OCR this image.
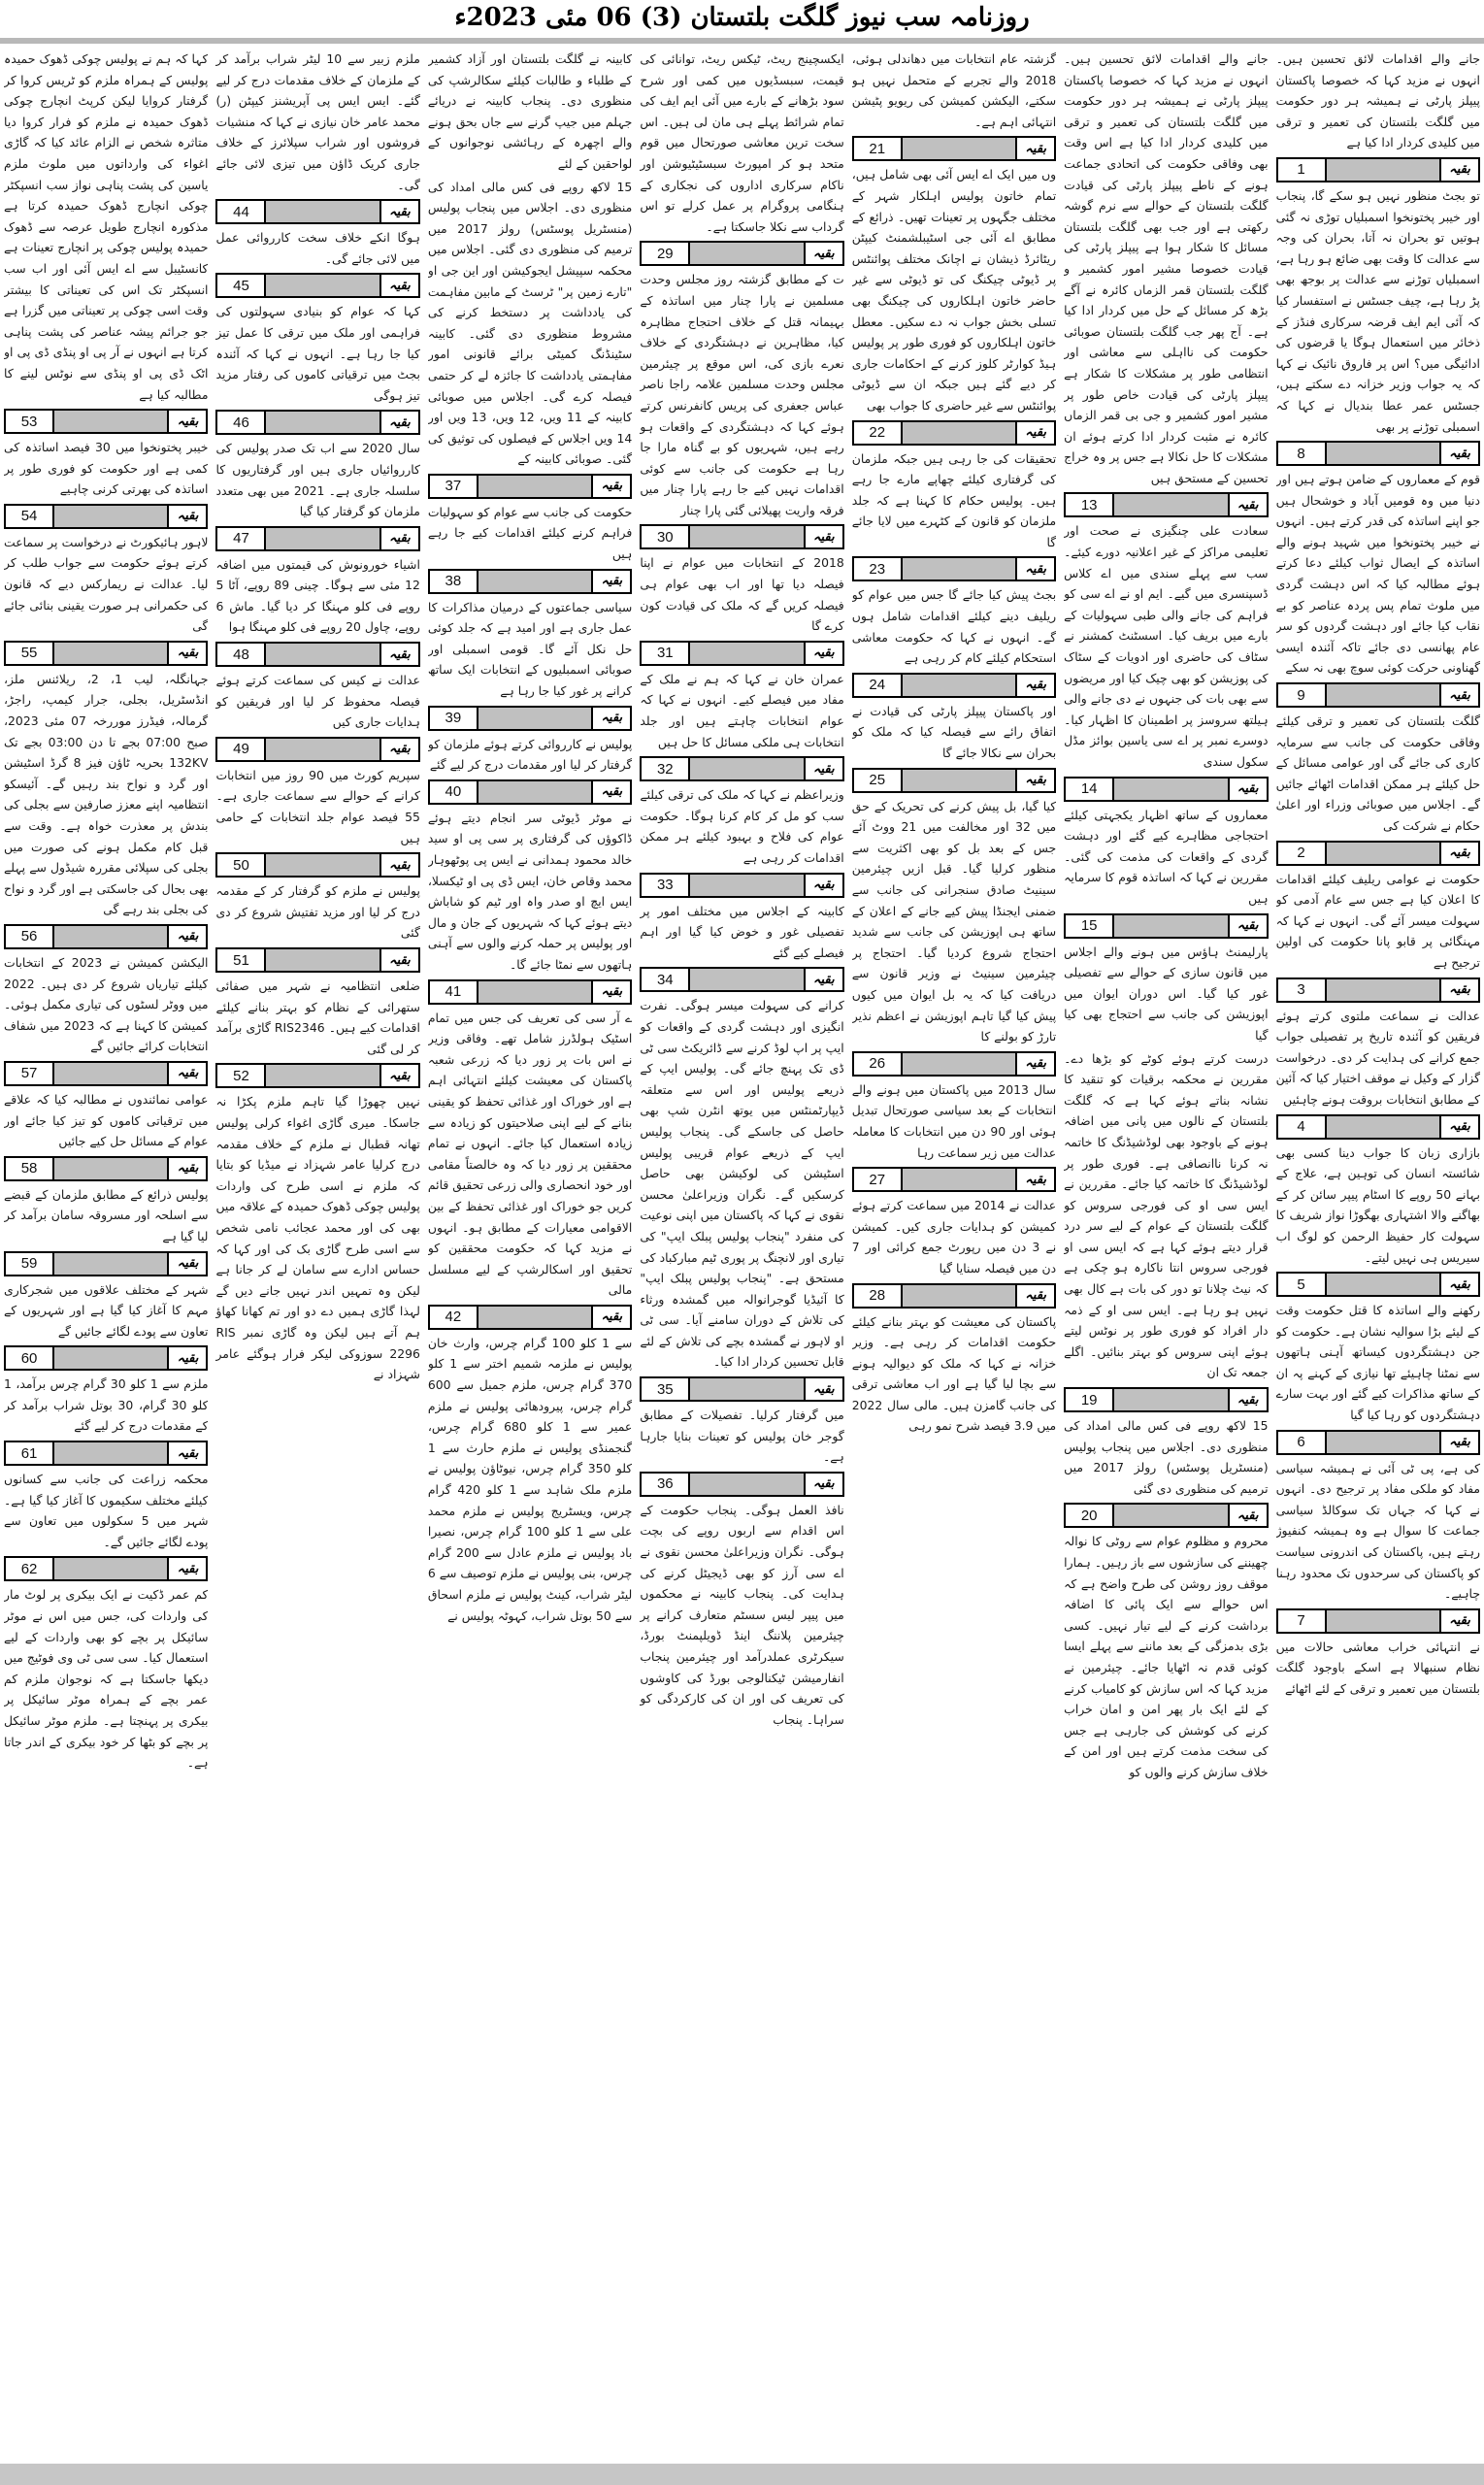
روزنامہ سب نیوز گلگت بلتستان (3) 06 مئی 2023ء

جانے والے اقدامات لائق تحسین ہیں۔ انہوں نے مزید کہا کہ خصوصا پاکستان پیپلز پارٹی نے ہمیشہ ہر دور حکومت میں گلگت بلتستان کی تعمیر و ترقی میں کلیدی کردار ادا کیا ہے

1	بقیہ

تو بجٹ منظور نہیں ہو سکے گا، پنجاب اور خیبر پختونخوا اسمبلیاں توڑی نہ گئی ہوتیں تو بحران نہ آتا، بحران کی وجہ سے عدالت کا وقت بھی ضائع ہو رہا ہے، اسمبلیاں توڑنے سے عدالت پر بوجھ بھی پڑ رہا ہے، چیف جسٹس نے استفسار کیا کہ آئی ایم ایف قرضہ سرکاری فنڈز کے ذخائر میں استعمال ہوگا یا قرضوں کی ادائیگی میں؟ اس پر فاروق نائیک نے کہا کہ یہ جواب وزیر خزانہ دے سکتے ہیں، جسٹس عمر عطا بندیال نے کہا کہ اسمبلی توڑنے پر بھی

8	بقیہ

قوم کے معماروں کے ضامن ہوتے ہیں اور دنیا میں وہ قومیں آباد و خوشحال ہیں جو اپنے اساتذہ کی قدر کرتے ہیں۔ انہوں نے خیبر پختونخوا میں شہید ہونے والے اساتذہ کے ایصال ثواب کیلئے دعا کرتے ہوئے مطالبہ کیا کہ اس دہشت گردی میں ملوث تمام پس پردہ عناصر کو بے نقاب کیا جائے اور دہشت گردوں کو سر عام پھانسی دی جائے تاکہ آئندہ ایسی گھناونی حرکت کوئی سوچ بھی نہ سکے

9	بقیہ

گلگت بلتستان کی تعمیر و ترقی کیلئے وفاقی حکومت کی جانب سے سرمایہ کاری کی جائے گی اور عوامی مسائل کے حل کیلئے ہر ممکن اقدامات اٹھائے جائیں گے۔ اجلاس میں صوبائی وزراء اور اعلیٰ حکام نے شرکت کی

2	بقیہ

حکومت نے عوامی ریلیف کیلئے اقدامات کا اعلان کیا ہے جس سے عام آدمی کو سہولت میسر آئے گی۔ انہوں نے کہا کہ مہنگائی پر قابو پانا حکومت کی اولین ترجیح ہے

3	بقیہ

عدالت نے سماعت ملتوی کرتے ہوئے فریقین کو آئندہ تاریخ پر تفصیلی جواب جمع کرانے کی ہدایت کر دی۔ درخواست گزار کے وکیل نے موقف اختیار کیا کہ آئین کے مطابق انتخابات بروقت ہونے چاہئیں

4	بقیہ

بازاری زبان کا جواب دینا کسی بھی شائستہ انسان کی توہین ہے، علاج کے بہانے 50 روپے کا اسٹام پیپر سائن کر کے بھاگنے والا اشتہاری بھگوڑا نواز شریف کا سہولت کار حفیظ الرحمن کو لوگ اب سیریس ہی نہیں لیتے۔

5	بقیہ

رکھنے والے اساتذہ کا قتل حکومت وقت کے لیئے بڑا سوالیہ نشان ہے۔ حکومت کو جن دہشتگردوں کیساتھ آہنی ہاتھوں سے نمٹنا چاہیئے تھا نیازی کے کہنے پہ ان کے ساتھ مذاکرات کیے گئے اور بہت سارے دہشتگردوں کو رہا کیا گیا

6	بقیہ

کی ہے، پی ٹی آئی نے ہمیشہ سیاسی مفاد کو ملکی مفاد پر ترجیح دی۔ انہوں نے کہا کہ جہاں تک سوکالڈ سیاسی جماعت کا سوال ہے وہ ہمیشہ کنفیوژ رہتے ہیں، پاکستان کی اندرونی سیاست کو پاکستان کی سرحدوں تک محدود رہنا چاہیے۔

7	بقیہ

نے انتہائی خراب معاشی حالات میں نظام سنبھالا ہے اسکے باوجود گلگت بلتستان میں تعمیر و ترقی کے لئے اٹھائے

جانے والے اقدامات لائق تحسین ہیں۔ انہوں نے مزید کہا کہ خصوصا پاکستان پیپلز پارٹی نے ہمیشہ ہر دور حکومت میں گلگت بلتستان کی تعمیر و ترقی میں کلیدی کردار ادا کیا ہے اس وقت بھی وفاقی حکومت کی اتحادی جماعت ہونے کے ناطے پیپلز پارٹی کی قیادت گلگت بلتستان کے حوالے سے نرم گوشہ رکھتی ہے اور جب بھی گلگت بلتستان مسائل کا شکار ہوا ہے پیپلز پارٹی کی قیادت خصوصا مشیر امور کشمیر و گلگت بلتستان قمر الزماں کائرہ نے آگے بڑھ کر مسائل کے حل میں کردار ادا کیا ہے۔ آج پھر جب گلگت بلتستان صوبائی حکومت کی نااہلی سے معاشی اور انتظامی طور پر مشکلات کا شکار ہے پیپلز پارٹی کی قیادت خاص طور پر مشیر امور کشمیر و جی بی قمر الزماں کائرہ نے مثبت کردار ادا کرتے ہوئے ان مشکلات کا حل نکالا ہے جس پر وہ خراج تحسین کے مستحق ہیں

13	بقیہ

سعادت علی چنگیزی نے صحت اور تعلیمی مراکز کے غیر اعلانیہ دورے کیئے۔ سب سے پہلے سندی میں اے کلاس ڈسپنسری میں گیے۔ ایم او نے اے سی کو فراہم کی جانے والی طبی سہولیات کے بارے میں بریف کیا۔ اسسٹنٹ کمشنر نے سٹاف کی حاضری اور ادویات کے سٹاک کی پوزیشن کو بھی چیک کیا اور مریضوں سے بھی بات کی جنہوں نے دی جانے والی ہیلتھ سروسز پر اطمینان کا اظہار کیا۔ دوسرے نمبر پر اے سی یاسین بوائز مڈل سکول سندی

14	بقیہ

معماروں کے ساتھ اظہار یکجہتی کیلئے احتجاجی مظاہرے کیے گئے اور دہشت گردی کے واقعات کی مذمت کی گئی۔ مقررین نے کہا کہ اساتذہ قوم کا سرمایہ ہیں

15	بقیہ

پارلیمنٹ ہاؤس میں ہونے والے اجلاس میں قانون سازی کے حوالے سے تفصیلی غور کیا گیا۔ اس دوران ایوان میں اپوزیشن کی جانب سے احتجاج بھی کیا گیا

درست کرتے ہوئے کوٹے کو بڑھا دے۔ مقررین نے محکمہ برقیات کو تنقید کا نشانہ بناتے ہوئے کہا ہے کہ گلگت بلتستان کے نالوں میں پانی میں اضافہ ہونے کے باوجود بھی لوڈشیڈنگ کا خاتمہ نہ کرنا ناانصافی ہے۔ فوری طور پر لوڈشیڈنگ کا خاتمہ کیا جائے۔ مقررین نے ایس سی او کی فورجی سروس کو گلگت بلتستان کے عوام کے لیے سر درد قرار دیتے ہوئے کہا ہے کہ ایس سی او فورجی سروس انتا ناکارہ ہو چکی ہے کہ نیٹ چلانا تو دور کی بات ہے کال بھی نہیں ہو رہا ہے۔ ایس سی او کے ذمہ دار افراد کو فوری طور پر نوٹس لیتے ہوئے اپنی سروس کو بہتر بنائیں۔ اگلے جمعہ تک ان

19	بقیہ

15 لاکھ روپے فی کس مالی امداد کی منظوری دی۔ اجلاس میں پنجاب پولیس (منسٹریل پوسٹس) رولز 2017 میں ترمیم کی منظوری دی گئی

20	بقیہ

محروم و مظلوم عوام سے روٹی کا نوالہ چھیننے کی سازشوں سے باز رہیں۔ ہمارا موقف روز روشن کی طرح واضح ہے کہ اس حوالے سے ایک پائی کا اضافہ برداشت کرنے کے لیے تیار نہیں۔ کسی بڑی بدمزگی کے بعد ماننے سے پہلے ایسا کوئی قدم نہ اٹھایا جائے۔ چیئرمین نے مزید کہا کہ اس سازش کو کامیاب کرنے کے لئے ایک بار پھر امن و امان خراب کرنے کی کوشش کی جارہی ہے جس کی سخت مذمت کرتے ہیں اور امن کے خلاف سازش کرنے والوں کو

گزشتہ عام انتخابات میں دھاندلی ہوئی، 2018 والے تجربے کے متحمل نہیں ہو سکتے، الیکشن کمیشن کی ریویو پٹیشن انتہائی اہم ہے۔

21	بقیہ

وں میں ایک اے ایس آئی بھی شامل ہیں، تمام خاتون پولیس اہلکار شہر کے مختلف جگہوں پر تعینات تھیں۔ ذرائع کے مطابق اے آئی جی اسٹیبلشمنٹ کیپٹن ریٹائرڈ ذیشان نے اچانک مختلف پوائنٹس پر ڈیوٹی چیکنگ کی تو ڈیوٹی سے غیر حاضر خاتون اہلکاروں کی چیکنگ بھی تسلی بخش جواب نہ دے سکیں۔ معطل خاتون اہلکاروں کو فوری طور پر پولیس ہیڈ کوارٹر کلوز کرنے کے احکامات جاری کر دیے گئے ہیں جبکہ ان سے ڈیوٹی پوائنٹس سے غیر حاضری کا جواب بھی

22	بقیہ

تحقیقات کی جا رہی ہیں جبکہ ملزمان کی گرفتاری کیلئے چھاپے مارے جا رہے ہیں۔ پولیس حکام کا کہنا ہے کہ جلد ملزمان کو قانون کے کٹہرے میں لایا جائے گا

23	بقیہ

بجٹ پیش کیا جائے گا جس میں عوام کو ریلیف دینے کیلئے اقدامات شامل ہوں گے۔ انہوں نے کہا کہ حکومت معاشی استحکام کیلئے کام کر رہی ہے

24	بقیہ

اور پاکستان پیپلز پارٹی کی قیادت نے اتفاق رائے سے فیصلہ کیا کہ ملک کو بحران سے نکالا جائے گا

25	بقیہ

کیا گیا، بل پیش کرنے کی تحریک کے حق میں 32 اور مخالفت میں 21 ووٹ آئے جس کے بعد بل کو بھی اکثریت سے منظور کرلیا گیا۔ قبل ازیں چیئرمین سینیٹ صادق سنجرانی کی جانب سے ضمنی ایجنڈا پیش کیے جانے کے اعلان کے ساتھ ہی اپوزیشن کی جانب سے شدید احتجاج شروع کردیا گیا۔ احتجاج پر چیئرمین سینیٹ نے وزیر قانون سے دریافت کیا کہ یہ بل ایوان میں کیوں پیش کیا گیا تاہم اپوزیشن نے اعظم نذیر تارڑ کو بولنے کا

26	بقیہ

سال 2013 میں پاکستان میں ہونے والے انتخابات کے بعد سیاسی صورتحال تبدیل ہوئی اور 90 دن میں انتخابات کا معاملہ عدالت میں زیر سماعت رہا

27	بقیہ

عدالت نے 2014 میں سماعت کرتے ہوئے کمیشن کو ہدایات جاری کیں۔ کمیشن نے 3 دن میں رپورٹ جمع کرائی اور 7 دن میں فیصلہ سنایا گیا

28	بقیہ

پاکستان کی معیشت کو بہتر بنانے کیلئے حکومت اقدامات کر رہی ہے۔ وزیر خزانہ نے کہا کہ ملک کو دیوالیہ ہونے سے بچا لیا گیا ہے اور اب معاشی ترقی کی جانب گامزن ہیں۔ مالی سال 2022 میں 3.9 فیصد شرح نمو رہی

ایکسچینج ریٹ، ٹیکس ریٹ، توانائی کی قیمت، سبسڈیوں میں کمی اور شرح سود بڑھانے کے بارے میں آئی ایم ایف کی تمام شرائط پہلے ہی مان لی ہیں۔ اس سخت ترین معاشی صورتحال میں قوم متحد ہو کر امپورٹ سبسٹیٹیوشن اور ناکام سرکاری اداروں کی نجکاری کے ہنگامی پروگرام پر عمل کرلے تو اس گرداب سے نکلا جاسکتا ہے۔

29	بقیہ

ت کے مطابق گزشتہ روز مجلس وحدت مسلمین نے پارا چنار میں اساتذہ کے بہیمانہ قتل کے خلاف احتجاج مظاہرہ کیا، مظاہرین نے دہشتگردی کے خلاف نعرے بازی کی، اس موقع پر چیئرمین مجلس وحدت مسلمین علامہ راجا ناصر عباس جعفری کی پریس کانفرنس کرتے ہوئے کہا کہ دہشتگردی کے واقعات ہو رہے ہیں، شہریوں کو بے گناہ مارا جا رہا ہے حکومت کی جانب سے کوئی اقدامات نہیں کیے جا رہے پارا چنار میں فرقہ واریت پھیلائی گئی پارا چنار

30	بقیہ

2018 کے انتخابات میں عوام نے اپنا فیصلہ دیا تھا اور اب بھی عوام ہی فیصلہ کریں گے کہ ملک کی قیادت کون کرے گا

31	بقیہ

عمران خان نے کہا کہ ہم نے ملک کے مفاد میں فیصلے کیے۔ انہوں نے کہا کہ عوام انتخابات چاہتے ہیں اور جلد انتخابات ہی ملکی مسائل کا حل ہیں

32	بقیہ

وزیراعظم نے کہا کہ ملک کی ترقی کیلئے سب کو مل کر کام کرنا ہوگا۔ حکومت عوام کی فلاح و بہبود کیلئے ہر ممکن اقدامات کر رہی ہے

33	بقیہ

کابینہ کے اجلاس میں مختلف امور پر تفصیلی غور و خوض کیا گیا اور اہم فیصلے کیے گئے

34	بقیہ

کرانے کی سہولت میسر ہوگی۔ نفرت انگیزی اور دہشت گردی کے واقعات کو ایپ پر اپ لوڈ کرنے سے ڈائریکٹ سی ٹی ڈی تک پہنچ جائے گی۔ پولیس ایپ کے ذریعے پولیس اور اس سے متعلقہ ڈیپارٹمنٹس میں یوتھ انٹرن شپ بھی حاصل کی جاسکے گی۔ پنجاب پولیس ایپ کے ذریعے عوام قریبی پولیس اسٹیشن کی لوکیشن بھی حاصل کرسکیں گے۔ نگران وزیراعلیٰ محسن نقوی نے کہا کہ پاکستان میں اپنی نوعیت کی منفرد "پنجاب پولیس پبلک ایپ" کی تیاری اور لانچنگ پر پوری ٹیم مبارکباد کی مستحق ہے۔ "پنجاب پولیس پبلک ایپ" کا آئیڈیا گوجرانوالہ میں گمشدہ ورثاء کی تلاش کے دوران سامنے آیا۔ سی ٹی او لاہور نے گمشدہ بچے کی تلاش کے لئے قابل تحسین کردار ادا کیا۔

35	بقیہ

میں گرفتار کرلیا۔ تفصیلات کے مطابق گوجر خان پولیس کو تعینات بنایا جارہا ہے۔

36	بقیہ

نافذ العمل ہوگی۔ پنجاب حکومت کے اس اقدام سے اربوں روپے کی بچت ہوگی۔ نگران وزیراعلیٰ محسن نقوی نے اے سی آرز کو بھی ڈیجیٹل کرنے کی ہدایت کی۔ پنجاب کابینہ نے محکموں میں پیپر لیس سسٹم متعارف کرانے پر چیئرمین پلاننگ اینڈ ڈویلپمنٹ بورڈ، سیکرٹری عملدرآمد اور چیئرمین پنجاب انفارمیشن ٹیکنالوجی بورڈ کی کاوشوں کی تعریف کی اور ان کی کارکردگی کو سراہا۔ پنجاب

کابینہ نے گلگت بلتستان اور آزاد کشمیر کے طلباء و طالبات کیلئے سکالرشپ کی منظوری دی۔ پنجاب کابینہ نے دریائے جہلم میں جیپ گرنے سے جاں بحق ہونے والے اچھرہ کے رہائشی نوجوانوں کے لواحقین کے لئے

15 لاکھ روپے فی کس مالی امداد کی منظوری دی۔ اجلاس میں پنجاب پولیس (منسٹریل پوسٹس) رولز 2017 میں ترمیم کی منظوری دی گئی۔ اجلاس میں محکمہ سپیشل ایجوکیشن اور این جی او "تارے زمین پر" ٹرسٹ کے مابین مفاہمت کی یادداشت پر دستخط کرنے کی مشروط منظوری دی گئی۔ کابینہ سٹینڈنگ کمیٹی برائے قانونی امور مفاہمتی یادداشت کا جائزہ لے کر حتمی فیصلہ کرے گی۔ اجلاس میں صوبائی کابینہ کے 11 ویں، 12 ویں، 13 ویں اور 14 ویں اجلاس کے فیصلوں کی توثیق کی گئی۔ صوبائی کابینہ کے

37	بقیہ

حکومت کی جانب سے عوام کو سہولیات فراہم کرنے کیلئے اقدامات کیے جا رہے ہیں

38	بقیہ

سیاسی جماعتوں کے درمیان مذاکرات کا عمل جاری ہے اور امید ہے کہ جلد کوئی حل نکل آئے گا۔ قومی اسمبلی اور صوبائی اسمبلیوں کے انتخابات ایک ساتھ کرانے پر غور کیا جا رہا ہے

39	بقیہ

پولیس نے کارروائی کرتے ہوئے ملزمان کو گرفتار کر لیا اور مقدمات درج کر لیے گئے

40	بقیہ

نے موٹر ڈیوٹی سر انجام دیتے ہوئے ڈاکوؤں کی گرفتاری پر سی پی او سید خالد محمود ہمدانی نے ایس پی پوٹھوہار محمد وقاص خان، ایس ڈی پی او ٹیکسلا، ایس ایچ او صدر واہ اور ٹیم کو شاباش دیتے ہوئے کہا کہ شہریوں کے جان و مال اور پولیس پر حملہ کرنے والوں سے آہنی ہاتھوں سے نمٹا جائے گا۔

41	بقیہ

ے آر سی کی تعریف کی جس میں تمام اسٹیک ہولڈرز شامل تھے۔ وفاقی وزیر نے اس بات پر زور دیا کہ زرعی شعبہ پاکستان کی معیشت کیلئے انتہائی اہم ہے اور خوراک اور غذائی تحفظ کو یقینی بنانے کے لیے اپنی صلاحیتوں کو زیادہ سے زیادہ استعمال کیا جائے۔ انہوں نے تمام محققین پر زور دیا کہ وہ خالصتاً مقامی اور خود انحصاری والی زرعی تحقیق قائم کریں جو خوراک اور غذائی تحفظ کے بین الاقوامی معیارات کے مطابق ہو۔ انہوں نے مزید کہا کہ حکومت محققین کو تحقیق اور اسکالرشپ کے لیے مسلسل مالی

42	بقیہ

سے 1 کلو 100 گرام چرس، وارث خان پولیس نے ملزمہ شمیم اختر سے 1 کلو 370 گرام چرس، ملزم جمیل سے 600 گرام چرس، پیرودھائی پولیس نے ملزم عمیر سے 1 کلو 680 گرام چرس، گنجمنڈی پولیس نے ملزم حارث سے 1 کلو 350 گرام چرس، نیوٹاؤن پولیس نے ملزم ملک شاہد سے 1 کلو 420 گرام چرس، ویسٹریج پولیس نے ملزم محمد علی سے 1 کلو 100 گرام چرس، نصیرا باد پولیس نے ملزم عادل سے 200 گرام چرس، بنی پولیس نے ملزم توصیف سے 6 لیٹر شراب، کینٹ پولیس نے ملزم اسحاق سے 50 بوتل شراب، کہوٹہ پولیس نے

ملزم زبیر سے 10 لیٹر شراب برآمد کر کے ملزمان کے خلاف مقدمات درج کر لیے گئے۔ ایس ایس پی آپریشنز کیپٹن (ر) محمد عامر خان نیازی نے کہا کہ منشیات فروشوں اور شراب سپلائرز کے خلاف جاری کریک ڈاؤن میں تیزی لائی جائے گی۔

44	بقیہ

ہوگا انکے خلاف سخت کارروائی عمل میں لائی جائے گی۔

45	بقیہ

کہا کہ عوام کو بنیادی سہولتوں کی فراہمی اور ملک میں ترقی کا عمل تیز کیا جا رہا ہے۔ انہوں نے کہا کہ آئندہ بجٹ میں ترقیاتی کاموں کی رفتار مزید تیز ہوگی

46	بقیہ

سال 2020 سے اب تک صدر پولیس کی کارروائیاں جاری ہیں اور گرفتاریوں کا سلسلہ جاری ہے۔ 2021 میں بھی متعدد ملزمان کو گرفتار کیا گیا

47	بقیہ

اشیاء خورونوش کی قیمتوں میں اضافہ 12 مئی سے ہوگا۔ چینی 89 روپے، آٹا 5 روپے فی کلو مہنگا کر دیا گیا۔ ماش 6 روپے، چاول 20 روپے فی کلو مہنگا ہوا

48	بقیہ

عدالت نے کیس کی سماعت کرتے ہوئے فیصلہ محفوظ کر لیا اور فریقین کو ہدایات جاری کیں

49	بقیہ

سپریم کورٹ میں 90 روز میں انتخابات کرانے کے حوالے سے سماعت جاری ہے۔ 55 فیصد عوام جلد انتخابات کے حامی ہیں

50	بقیہ

پولیس نے ملزم کو گرفتار کر کے مقدمہ درج کر لیا اور مزید تفتیش شروع کر دی گئی

51	بقیہ

ضلعی انتظامیہ نے شہر میں صفائی ستھرائی کے نظام کو بہتر بنانے کیلئے اقدامات کیے ہیں۔ RIS2346 گاڑی برآمد کر لی گئی

52	بقیہ

نہیں چھوڑا گیا تاہم ملزم پکڑا نہ جاسکا۔ میری گاڑی اغواء کرلی پولیس تھانہ قطبال نے ملزم کے خلاف مقدمہ درج کرلیا عامر شہزاد نے میڈیا کو بتایا کہ ملزم نے اسی طرح کی واردات پولیس چوکی ڈھوک حمیدہ کے علاقہ میں بھی کی اور محمد عجائب نامی شخص سے اسی طرح گاڑی بک کی اور کہا کہ حساس ادارے سے سامان لے کر جانا ہے لیکن وہ تمہیں اندر نہیں جانے دیں گے لہذا گاڑی ہمیں دے دو اور تم کھانا کھاؤ ہم آتے ہیں لیکن وہ گاڑی نمبر RIS 2296 سوزوکی لیکر فرار ہوگئے عامر شہزاد نے

کہا کہ ہم نے پولیس چوکی ڈھوک حمیدہ پولیس کے ہمراہ ملزم کو ٹریس کروا کر گرفتار کروایا لیکن کرپٹ انچارج چوکی ڈھوک حمیدہ نے ملزم کو فرار کروا دیا متاثرہ شخص نے الزام عائد کیا کہ گاڑی اغواء کی وارداتوں میں ملوث ملزم یاسین کی پشت پناہی نواز سب انسپکٹر چوکی انچارج ڈھوک حمیدہ کرتا ہے مذکورہ انچارج طویل عرصہ سے ڈھوک حمیدہ پولیس چوکی پر انچارج تعینات ہے کانسٹیبل سے اے ایس آئی اور اب سب انسپکٹر تک اس کی تعیناتی کا بیشتر وقت اسی چوکی پر تعیناتی میں گزرا ہے جو جرائم پیشہ عناصر کی پشت پناہی کرتا ہے انہوں نے آر پی او پنڈی ڈی پی او اٹک ڈی پی او پنڈی سے نوٹس لینے کا مطالبہ کیا ہے

53	بقیہ

خیبر پختونخوا میں 30 فیصد اساتذہ کی کمی ہے اور حکومت کو فوری طور پر اساتذہ کی بھرتی کرنی چاہیے

54	بقیہ

لاہور ہائیکورٹ نے درخواست پر سماعت کرتے ہوئے حکومت سے جواب طلب کر لیا۔ عدالت نے ریمارکس دیے کہ قانون کی حکمرانی ہر صورت یقینی بنائی جائے گی

55	بقیہ

جہانگلہ، لیب 1، 2، ریلائنس ملز، انڈسٹریل، بجلی، جرار کیمپ، راجڑ، گرمالہ، فیڈرز موررخہ 07 مئی 2023، صبح 07:00 بجے تا دن 03:00 بجے تک 132KV بحریہ ٹاؤن فیز 8 گرڈ اسٹیشن اور گرد و نواح بند رہیں گے۔ آئیسکو انتظامیہ اپنے معزز صارفین سے بجلی کی بندش پر معذرت خواہ ہے۔ وقت سے قبل کام مکمل ہونے کی صورت میں بجلی کی سپلائی مقررہ شیڈول سے پہلے بھی بحال کی جاسکتی ہے اور گرد و نواح کی بجلی بند رہے گی

56	بقیہ

الیکشن کمیشن نے 2023 کے انتخابات کیلئے تیاریاں شروع کر دی ہیں۔ 2022 میں ووٹر لسٹوں کی تیاری مکمل ہوئی۔ کمیشن کا کہنا ہے کہ 2023 میں شفاف انتخابات کرائے جائیں گے

57	بقیہ

عوامی نمائندوں نے مطالبہ کیا کہ علاقے میں ترقیاتی کاموں کو تیز کیا جائے اور عوام کے مسائل حل کیے جائیں

58	بقیہ

پولیس ذرائع کے مطابق ملزمان کے قبضے سے اسلحہ اور مسروقہ سامان برآمد کر لیا گیا ہے

59	بقیہ

شہر کے مختلف علاقوں میں شجرکاری مہم کا آغاز کیا گیا ہے اور شہریوں کے تعاون سے پودے لگائے جائیں گے

60	بقیہ

ملزم سے 1 کلو 30 گرام چرس برآمد، 1 کلو 30 گرام، 30 بوتل شراب برآمد کر کے مقدمات درج کر لیے گئے

61	بقیہ

محکمہ زراعت کی جانب سے کسانوں کیلئے مختلف سکیموں کا آغاز کیا گیا ہے۔ شہر میں 5 سکولوں میں تعاون سے پودے لگائے جائیں گے۔

62	بقیہ

کم عمر ڈکیت نے ایک بیکری پر لوٹ مار کی واردات کی، جس میں اس نے موٹر سائیکل پر بچے کو بھی واردات کے لیے استعمال کیا۔ سی سی ٹی وی فوٹیج میں دیکھا جاسکتا ہے کہ نوجوان ملزم کم عمر بچے کے ہمراہ موٹر سائیکل پر بیکری پر پہنچتا ہے۔ ملزم موٹر سائیکل پر بچے کو بٹھا کر خود بیکری کے اندر جاتا ہے۔
